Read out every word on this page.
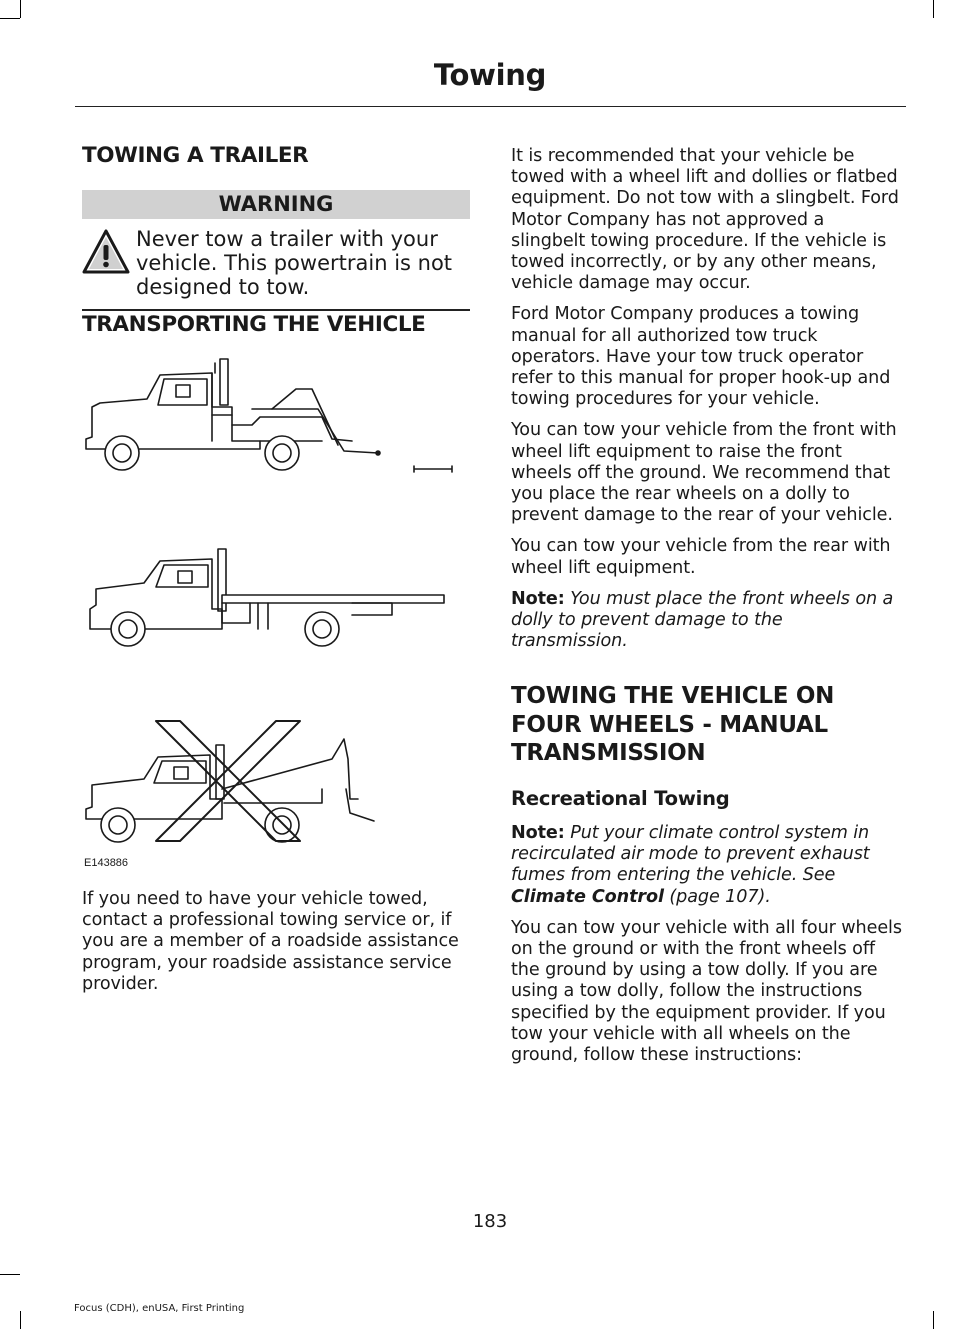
Towing
TOWING A TRAILER
WARNING
Never tow a trailer with your vehicle. This powertrain is not designed to tow.
TRANSPORTING THE VEHICLE
E143886

If you need to have your vehicle towed, contact a professional towing service or, if you are a member of a roadside assistance program, your roadside assistance service provider.

It is recommended that your vehicle be towed with a wheel lift and dollies or flatbed equipment. Do not tow with a slingbelt. Ford Motor Company has not approved a slingbelt towing procedure. If the vehicle is towed incorrectly, or by any other means, vehicle damage may occur.

Ford Motor Company produces a towing manual for all authorized tow truck operators. Have your tow truck operator refer to this manual for proper hook-up and towing procedures for your vehicle.

You can tow your vehicle from the front with wheel lift equipment to raise the front wheels off the ground. We recommend that you place the rear wheels on a dolly to prevent damage to the rear of your vehicle.

You can tow your vehicle from the rear with wheel lift equipment.

Note: You must place the front wheels on a dolly to prevent damage to the transmission.

TOWING THE VEHICLE ON FOUR WHEELS - MANUAL TRANSMISSION
Recreational Towing

Note: Put your climate control system in recirculated air mode to prevent exhaust fumes from entering the vehicle. See Climate Control (page 107).

You can tow your vehicle with all four wheels on the ground or with the front wheels off the ground by using a tow dolly. If you are using a tow dolly, follow the instructions specified by the equipment provider. If you tow your vehicle with all wheels on the ground, follow these instructions:

183
Focus (CDH), enUSA, First Printing
